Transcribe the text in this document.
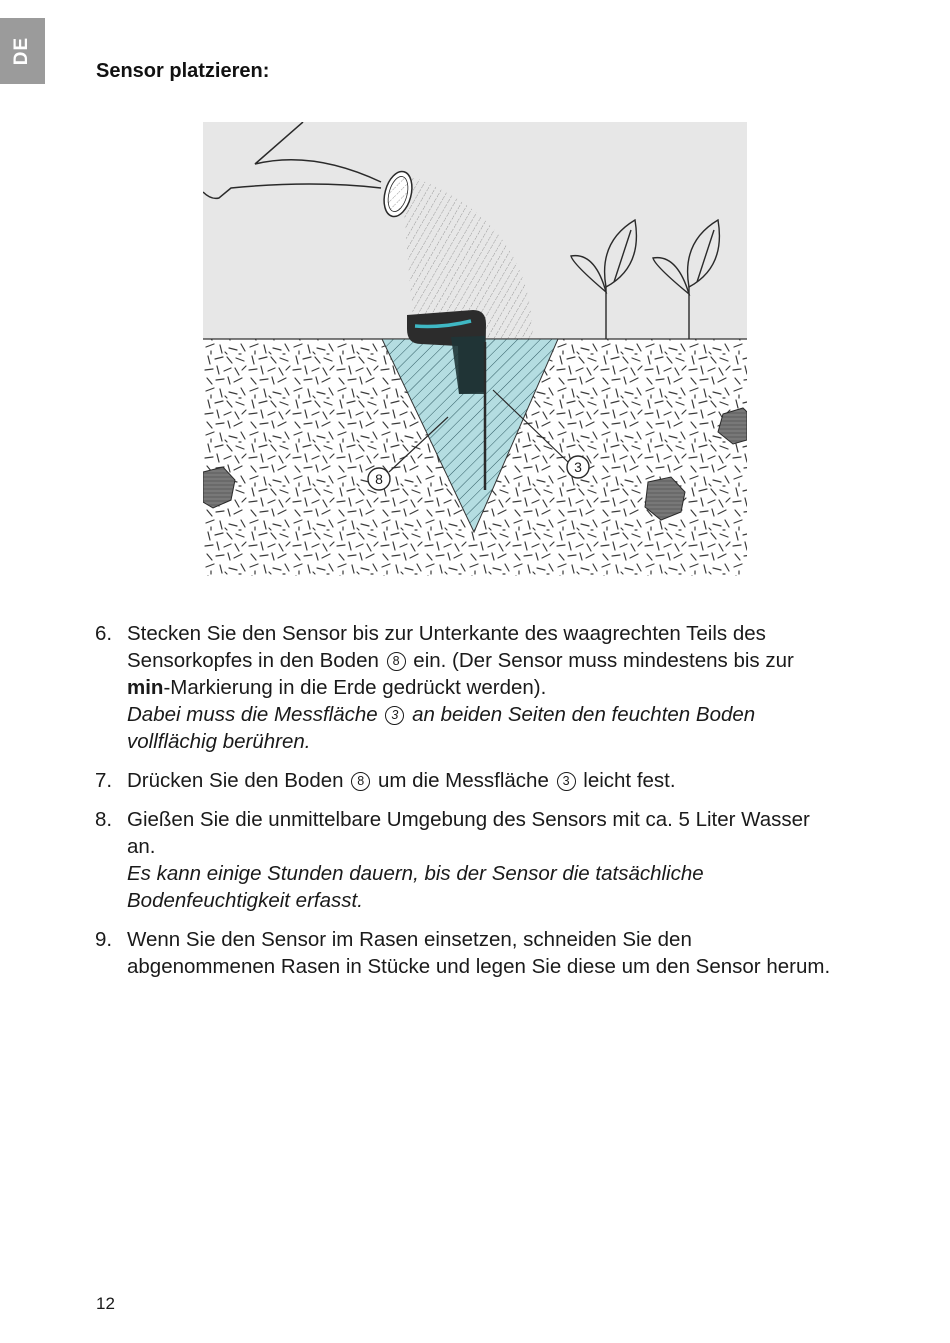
DE
Sensor platzieren:
8
3
6. Stecken Sie den Sensor bis zur Unterkante des waagrechten Teils des Sensorkopfes in den Boden 8 ein. (Der Sensor muss mindestens bis zur min-Markierung in die Erde gedrückt werden).

Dabei muss die Messfläche 3 an beiden Seiten den feuchten Boden vollflächig berühren.

7. Drücken Sie den Boden 8 um die Messfläche 3 leicht fest.

8. Gießen Sie die unmittelbare Umgebung des Sensors mit ca. 5 Liter Wasser an.

Es kann einige Stunden dauern, bis der Sensor die tatsächliche Bodenfeuchtigkeit erfasst.

9. Wenn Sie den Sensor im Rasen einsetzen, schneiden Sie den abgenommenen Rasen in Stücke und legen Sie diese um den Sensor herum.

12
